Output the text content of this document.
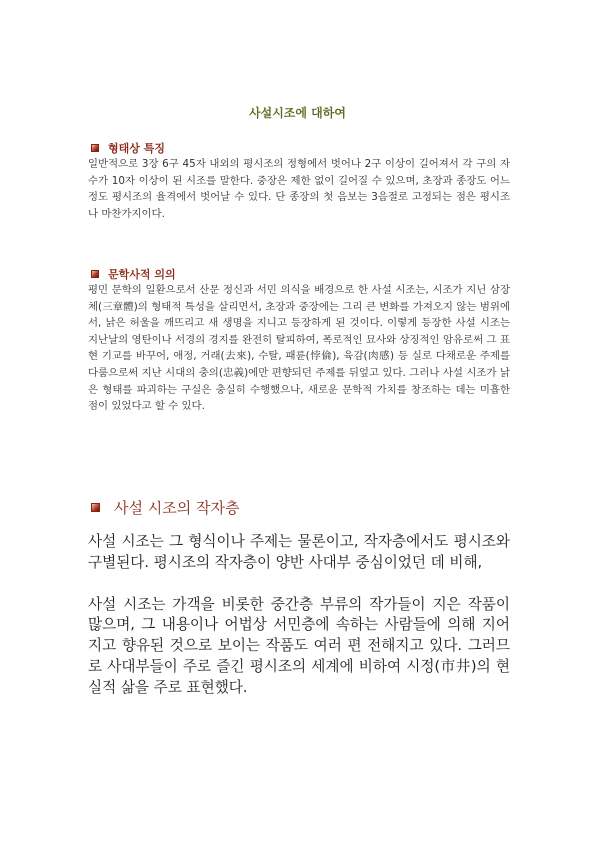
사설시조에 대하여
형태상 특징

일반적으로 3장 6구 45자 내외의 평시조의 정형에서 벗어나 2구 이상이 길어져서 각 구의 자수가 10자 이상이 된 시조를 말한다. 중장은 제한 없이 길어질 수 있으며, 초장과 종장도 어느 정도 평시조의 율격에서 벗어날 수 있다. 단 종장의 첫 음보는 3음절로 고정되는 점은 평시조나 마찬가지이다.

문학사적 의의

평민 문학의 일환으로서 산문 정신과 서민 의식을 배경으로 한 사설 시조는, 시조가 지닌 삼장체(三章體)의 형태적 특성을 살리면서, 초장과 중장에는 그리 큰 변화를 가져오지 않는 범위에서, 낡은 허울을 깨뜨리고 새 생명을 지니고 등장하게 된 것이다. 이렇게 등장한 사설 시조는 지난날의 영탄이나 서경의 경지를 완전히 탈피하여, 폭로적인 묘사와 상징적인 암유로써 그 표현 기교를 바꾸어, 애정, 거래(去來), 수탈, 패륜(悖倫), 육감(肉感) 등 실로 다채로운 주제를 다룸으로써 지난 시대의 충의(忠義)에만 편향되던 주제를 뒤엎고 있다. 그러나 사설 시조가 낡은 형태를 파괴하는 구실은 충실히 수행했으나, 새로운 문학적 가치를 창조하는 데는 미흡한 점이 있었다고 할 수 있다.

사설 시조의 작자층

사설 시조는 그 형식이나 주제는 물론이고, 작자층에서도 평시조와 구별된다. 평시조의 작자층이 양반 사대부 중심이었던 데 비해,

사설 시조는 가객을 비롯한 중간층 부류의 작가들이 지은 작품이 많으며, 그 내용이나 어법상 서민층에 속하는 사람들에 의해 지어지고 향유된 것으로 보이는 작품도 여러 편 전해지고 있다. 그러므로 사대부들이 주로 즐긴 평시조의 세계에 비하여 시정(市井)의 현실적 삶을 주로 표현했다.
